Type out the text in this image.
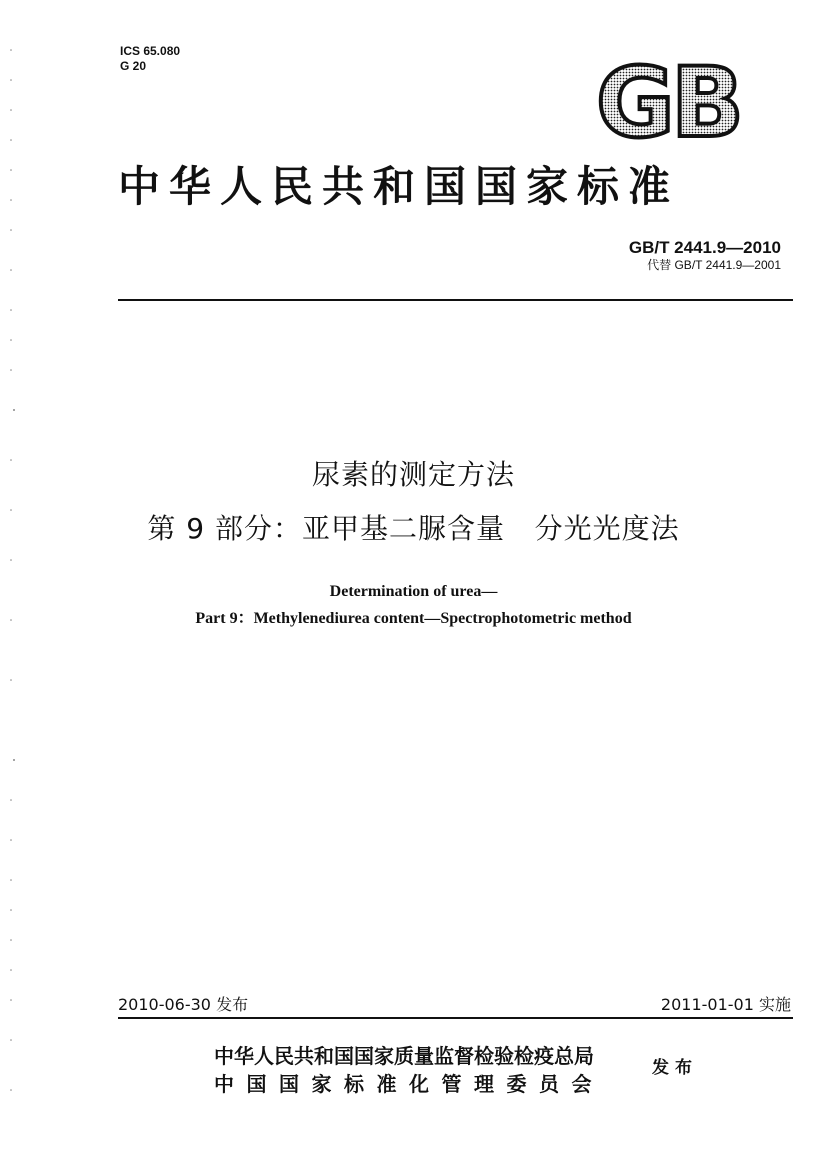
ICS 65.080
G 20	GB
中华人民共和国国家标准
GB/T 2441.9—2010
代替 GB/T 2441.9—2001
尿素的测定方法
第 9 部分：亚甲基二脲含量   分光光度法
Determination of urea—
Part 9：Methylenediurea content—Spectrophotometric method
2010-06-30 发布	2011-01-01 实施
中华人民共和国国家质量监督检验检疫总局
中国国家标准化管理委员会
发布
